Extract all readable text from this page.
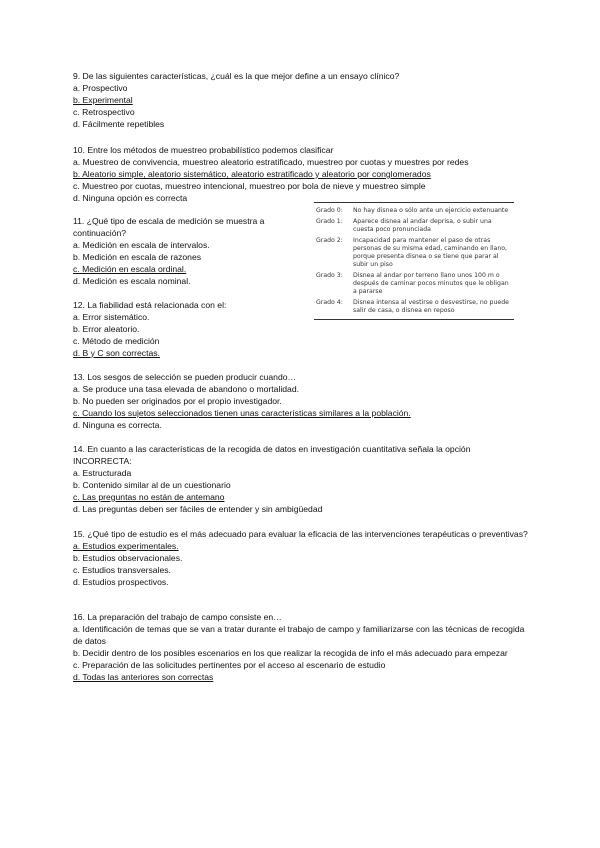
9. De las siguientes características, ¿cuál es la que mejor define a un ensayo clínico?

a. Prospectivo

b. Experimental

c. Retrospectivo

d. Fácilmente repetibles

10. Entre los métodos de muestreo probabilístico podemos clasificar

a. Muestreo de convivencia, muestreo aleatorio estratificado, muestreo por cuotas y muestres por redes

b. Aleatorio simple, aleatorio sistemático, aleatorio estratificado y aleatorio por conglomerados

c. Muestreo por cuotas, muestreo intencional, muestreo por bola de nieve y muestreo simple

d. Ninguna opción es correcta

11. ¿Qué tipo de escala de medición se muestra a continuación?

a. Medición en escala de intervalos.

b. Medición en escala de razones

c. Medición en escala ordinal.

d. Medición es escala nominal.

12. La fiabilidad está relacionada con el:

a. Error sistemático.

b. Error aleatorio.

c. Método de medición

d. B y C son correctas.

Grado 0:	No hay disnea o sólo ante un ejercicio extenuante
Grado 1:	Aparece disnea al andar deprisa, o subir una cuesta poco pronunciada
Grado 2:	Incapacidad para mantener el paso de otras personas de su misma edad, caminando en llano, porque presenta disnea o se tiene que parar al subir un piso
Grado 3:	Disnea al andar por terreno llano unos 100 m o después de caminar pocos minutos que le obligan a pararse
Grado 4:	Disnea intensa al vestirse o desvestirse, no puede salir de casa, o disnea en reposo

13. Los sesgos de selección se pueden producir cuando…

a. Se produce una tasa elevada de abandono o mortalidad.

b. No pueden ser originados por el propio investigador.

c. Cuando los sujetos seleccionados tienen unas características similares a la población.

d. Ninguna es correcta.

14. En cuanto a las características de la recogida de datos en investigación cuantitativa señala la opción INCORRECTA:

a. Estructurada

b. Contenido similar al de un cuestionario

c. Las preguntas no están de antemano

d. Las preguntas deben ser fáciles de entender y sin ambigüedad

15. ¿Qué tipo de estudio es el más adecuado para evaluar la eficacia de las intervenciones terapéuticas o preventivas?

a. Estudios experimentales.

b. Estudios observacionales.

c. Estudios transversales.

d. Estudios prospectivos.

16. La preparación del trabajo de campo consiste en…

a. Identificación de temas que se van a tratar durante el trabajo de campo y familiarizarse con las técnicas de recogida de datos

b. Decidir dentro de los posibles escenarios en los que realizar la recogida de info el más adecuado para empezar

c. Preparación de las solicitudes pertinentes por el acceso al escenario de estudio

d. Todas las anteriores son correctas
